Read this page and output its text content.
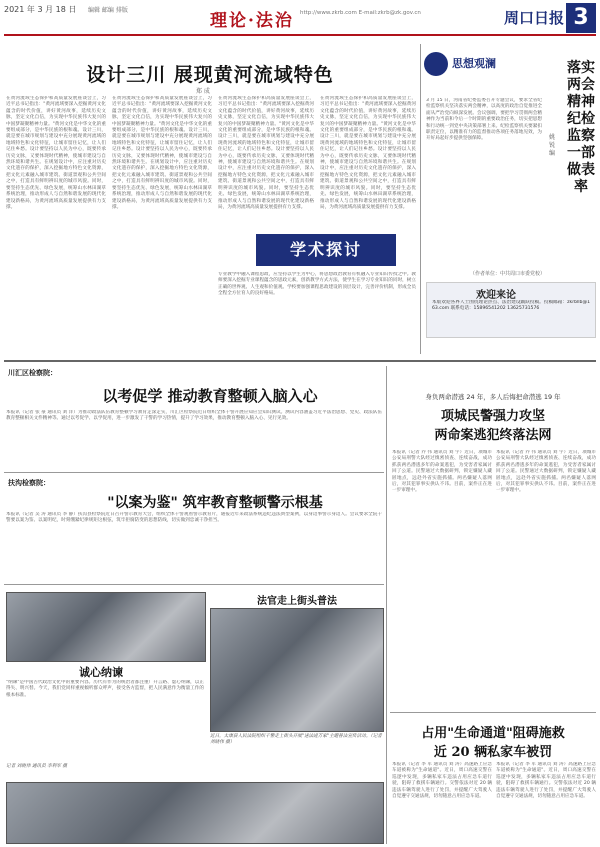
2021 年 3 月 18 日 编辑 邮编 排版
理论·法治 http://www.zkrb.com E-mail:zkrb@zk.gov.cn	周口日报 3
设计三川 展现黄河流域特色
郑 成
在黄河流域生态保护和高质量发展座谈会上，习近平总书记指出："黄河流域要深入挖掘黄河文化蕴含的时代价值，讲好黄河故事，延续历史文脉，坚定文化自信，为实现中华民族伟大复兴的中国梦凝聚精神力量。"黄河文化是中华文化的重要组成部分，是中华民族的根和魂。设计三川，就是要在城市规划与建设中充分展现黄河流域的地域特色和文化特征，让城市留住记忆，让人们记住乡愁。设计要坚持以人民为中心，既要传承历史文脉，又要体现时代精神，使城市建设与自然环境和谐共生。在规划设计中，应注重对历史文化遗存的保护，深入挖掘地方特色文化资源，把文化元素融入城市建筑、街道景观和公共空间之中，打造具有鲜明辨识度的城市风貌。同时，要坚持生态优先、绿色发展，统筹山水林田湖草系统治理，推动形成人与自然和谐发展的现代化建设新格局，为黄河流域高质量发展提供有力支撑。
在黄河流域生态保护和高质量发展座谈会上，习近平总书记指出："黄河流域要深入挖掘黄河文化蕴含的时代价值，讲好黄河故事，延续历史文脉，坚定文化自信，为实现中华民族伟大复兴的中国梦凝聚精神力量。"黄河文化是中华文化的重要组成部分，是中华民族的根和魂。设计三川，就是要在城市规划与建设中充分展现黄河流域的地域特色和文化特征，让城市留住记忆，让人们记住乡愁。设计要坚持以人民为中心，既要传承历史文脉，又要体现时代精神，使城市建设与自然环境和谐共生。在规划设计中，应注重对历史文化遗存的保护，深入挖掘地方特色文化资源，把文化元素融入城市建筑、街道景观和公共空间之中，打造具有鲜明辨识度的城市风貌。同时，要坚持生态优先、绿色发展，统筹山水林田湖草系统治理，推动形成人与自然和谐发展的现代化建设新格局，为黄河流域高质量发展提供有力支撑。
在黄河流域生态保护和高质量发展座谈会上，习近平总书记指出："黄河流域要深入挖掘黄河文化蕴含的时代价值，讲好黄河故事，延续历史文脉，坚定文化自信，为实现中华民族伟大复兴的中国梦凝聚精神力量。"黄河文化是中华文化的重要组成部分，是中华民族的根和魂。设计三川，就是要在城市规划与建设中充分展现黄河流域的地域特色和文化特征，让城市留住记忆，让人们记住乡愁。设计要坚持以人民为中心，既要传承历史文脉，又要体现时代精神，使城市建设与自然环境和谐共生。在规划设计中，应注重对历史文化遗存的保护，深入挖掘地方特色文化资源，把文化元素融入城市建筑、街道景观和公共空间之中，打造具有鲜明辨识度的城市风貌。同时，要坚持生态优先、绿色发展，统筹山水林田湖草系统治理，推动形成人与自然和谐发展的现代化建设新格局，为黄河流域高质量发展提供有力支撑。
在黄河流域生态保护和高质量发展座谈会上，习近平总书记指出："黄河流域要深入挖掘黄河文化蕴含的时代价值，讲好黄河故事，延续历史文脉，坚定文化自信，为实现中华民族伟大复兴的中国梦凝聚精神力量。"黄河文化是中华文化的重要组成部分，是中华民族的根和魂。设计三川，就是要在城市规划与建设中充分展现黄河流域的地域特色和文化特征，让城市留住记忆，让人们记住乡愁。设计要坚持以人民为中心，既要传承历史文脉，又要体现时代精神，使城市建设与自然环境和谐共生。在规划设计中，应注重对历史文化遗存的保护，深入挖掘地方特色文化资源，把文化元素融入城市建筑、街道景观和公共空间之中，打造具有鲜明辨识度的城市风貌。同时，要坚持生态优先、绿色发展，统筹山水林田湖草系统治理，推动形成人与自然和谐发展的现代化建设新格局，为黄河流域高质量发展提供有力支撑。
学术探讨
专业教学中融入课程思政，应坚持以学生为中心，将思想政治教育有机融入专业知识传授之中。教师要深入挖掘专业课程蕴含的思政元素，创新教学方式方法，使学生在学习专业知识的同时，树立正确的世界观、人生观和价值观。学校要加强课程思政建设的顶层设计，完善评价机制，形成全员全程全方位育人的良好格局。
思想观澜	落实两会精神 纪检监察一部做表率
姚 锐 编
3 月 15 日，河南省纪委监委召开专题会议，要求全省纪检监察机关坚决落实两会精神，以高度的政治自觉推进全面从严治党向纵深发展。会议强调，要把学习贯彻两会精神作为当前和今后一个时期的重要政治任务，切实把思想和行动统一到党中央决策部署上来。纪检监察机关要紧扣职责定位，以精准有力的监督推动各项任务落地见效，为开好局起好步提供坚强保障。
（作者单位：中共周口市委党校）
欢迎来论
本版欢迎各界人士围绕理论热点、法治建设踊跃投稿。投稿邮箱：zkrbllb@163.com 联系电话：15896541202 13625731576
川汇区检察院：
以考促学 推动教育整顿入脑入心
本报讯（记者 张 豪 通讯员 刘 洋）为推动政法队伍教育整顿学习教育走深走实，川汇区检察院近日组织全体干警开展应知应会知识测试。测试内容涵盖习近平法治思想、党史、政法队伍教育整顿相关文件精神等。通过以考促学、以学促用，进一步激发了干警的学习热情，提升了学习效果，推动教育整顿入脑入心、见行见效。
扶沟检察院：
"以案为鉴" 筑牢教育整顿警示根基
本报讯（记者 吴 涛 通讯员 李 静）扶沟县检察院近日召开警示教育大会，组织全体干警观看警示教育片，通报近年来政法系统违纪违法典型案例，以身边事警示身边人。会议要求全院干警要以案为鉴、以案明纪，时刻绷紧纪律规矩这根弦，筑牢拒腐防变的思想防线，切实做到忠诚干净担当。
身负两命潜逃 24 年，多人后悔把命潜逃 19 年
项城民警强力攻坚
两命案逃犯终落法网
本报讯（记者 乔 伟 通讯员 刘 宇）近日，项城市公安局刑警大队经过缜密侦查、连续奋战，成功抓获两名潜逃多年的命案逃犯，为受害者家属讨回了公道。民警通过大数据研判，锁定嫌疑人藏匿地点，远赴外省实施抓捕。两名嫌疑人落网后，对其犯罪事实供认不讳。目前，案件正在进一步审理中。
本报讯（记者 乔 伟 通讯员 刘 宇）近日，项城市公安局刑警大队经过缜密侦查、连续奋战，成功抓获两名潜逃多年的命案逃犯，为受害者家属讨回了公道。民警通过大数据研判，锁定嫌疑人藏匿地点，远赴外省实施抓捕。两名嫌疑人落网后，对其犯罪事实供认不讳。目前，案件正在进一步审理中。
法官走上街头普法
近日，太康县人民法院组织干警走上街头开展"送法进万家"主题普法宣传活动。（记者 刘晓伟 摄）
诚心纳谏
"纳谏"是中国古代政治文化中的重要内容。历代有作为的统治者都注重广开言路、虚心纳谏，以正得失、明兴替。今天，我们党同样重视倾听群众呼声，接受各方监督，把人民满意作为衡量工作的根本标准。
记者 刘晓伟 通讯员 李利军 摄
占用"生命通道"阻碍施救
近 20 辆私家车被罚
本报讯（记者 李 军 通讯员 刘 涛）高速路上应急车道被称为"生命通道"。近日，周口高速交警在巡逻中发现，多辆私家车违法占用应急车道行驶，阻碍了救援车辆通行。交警依法对近 20 辆违法车辆驾驶人进行了处罚，并提醒广大驾驶人自觉遵守交通法规，切勿随意占用应急车道。
本报讯（记者 李 军 通讯员 刘 涛）高速路上应急车道被称为"生命通道"。近日，周口高速交警在巡逻中发现，多辆私家车违法占用应急车道行驶，阻碍了救援车辆通行。交警依法对近 20 辆违法车辆驾驶人进行了处罚，并提醒广大驾驶人自觉遵守交通法规，切勿随意占用应急车道。
